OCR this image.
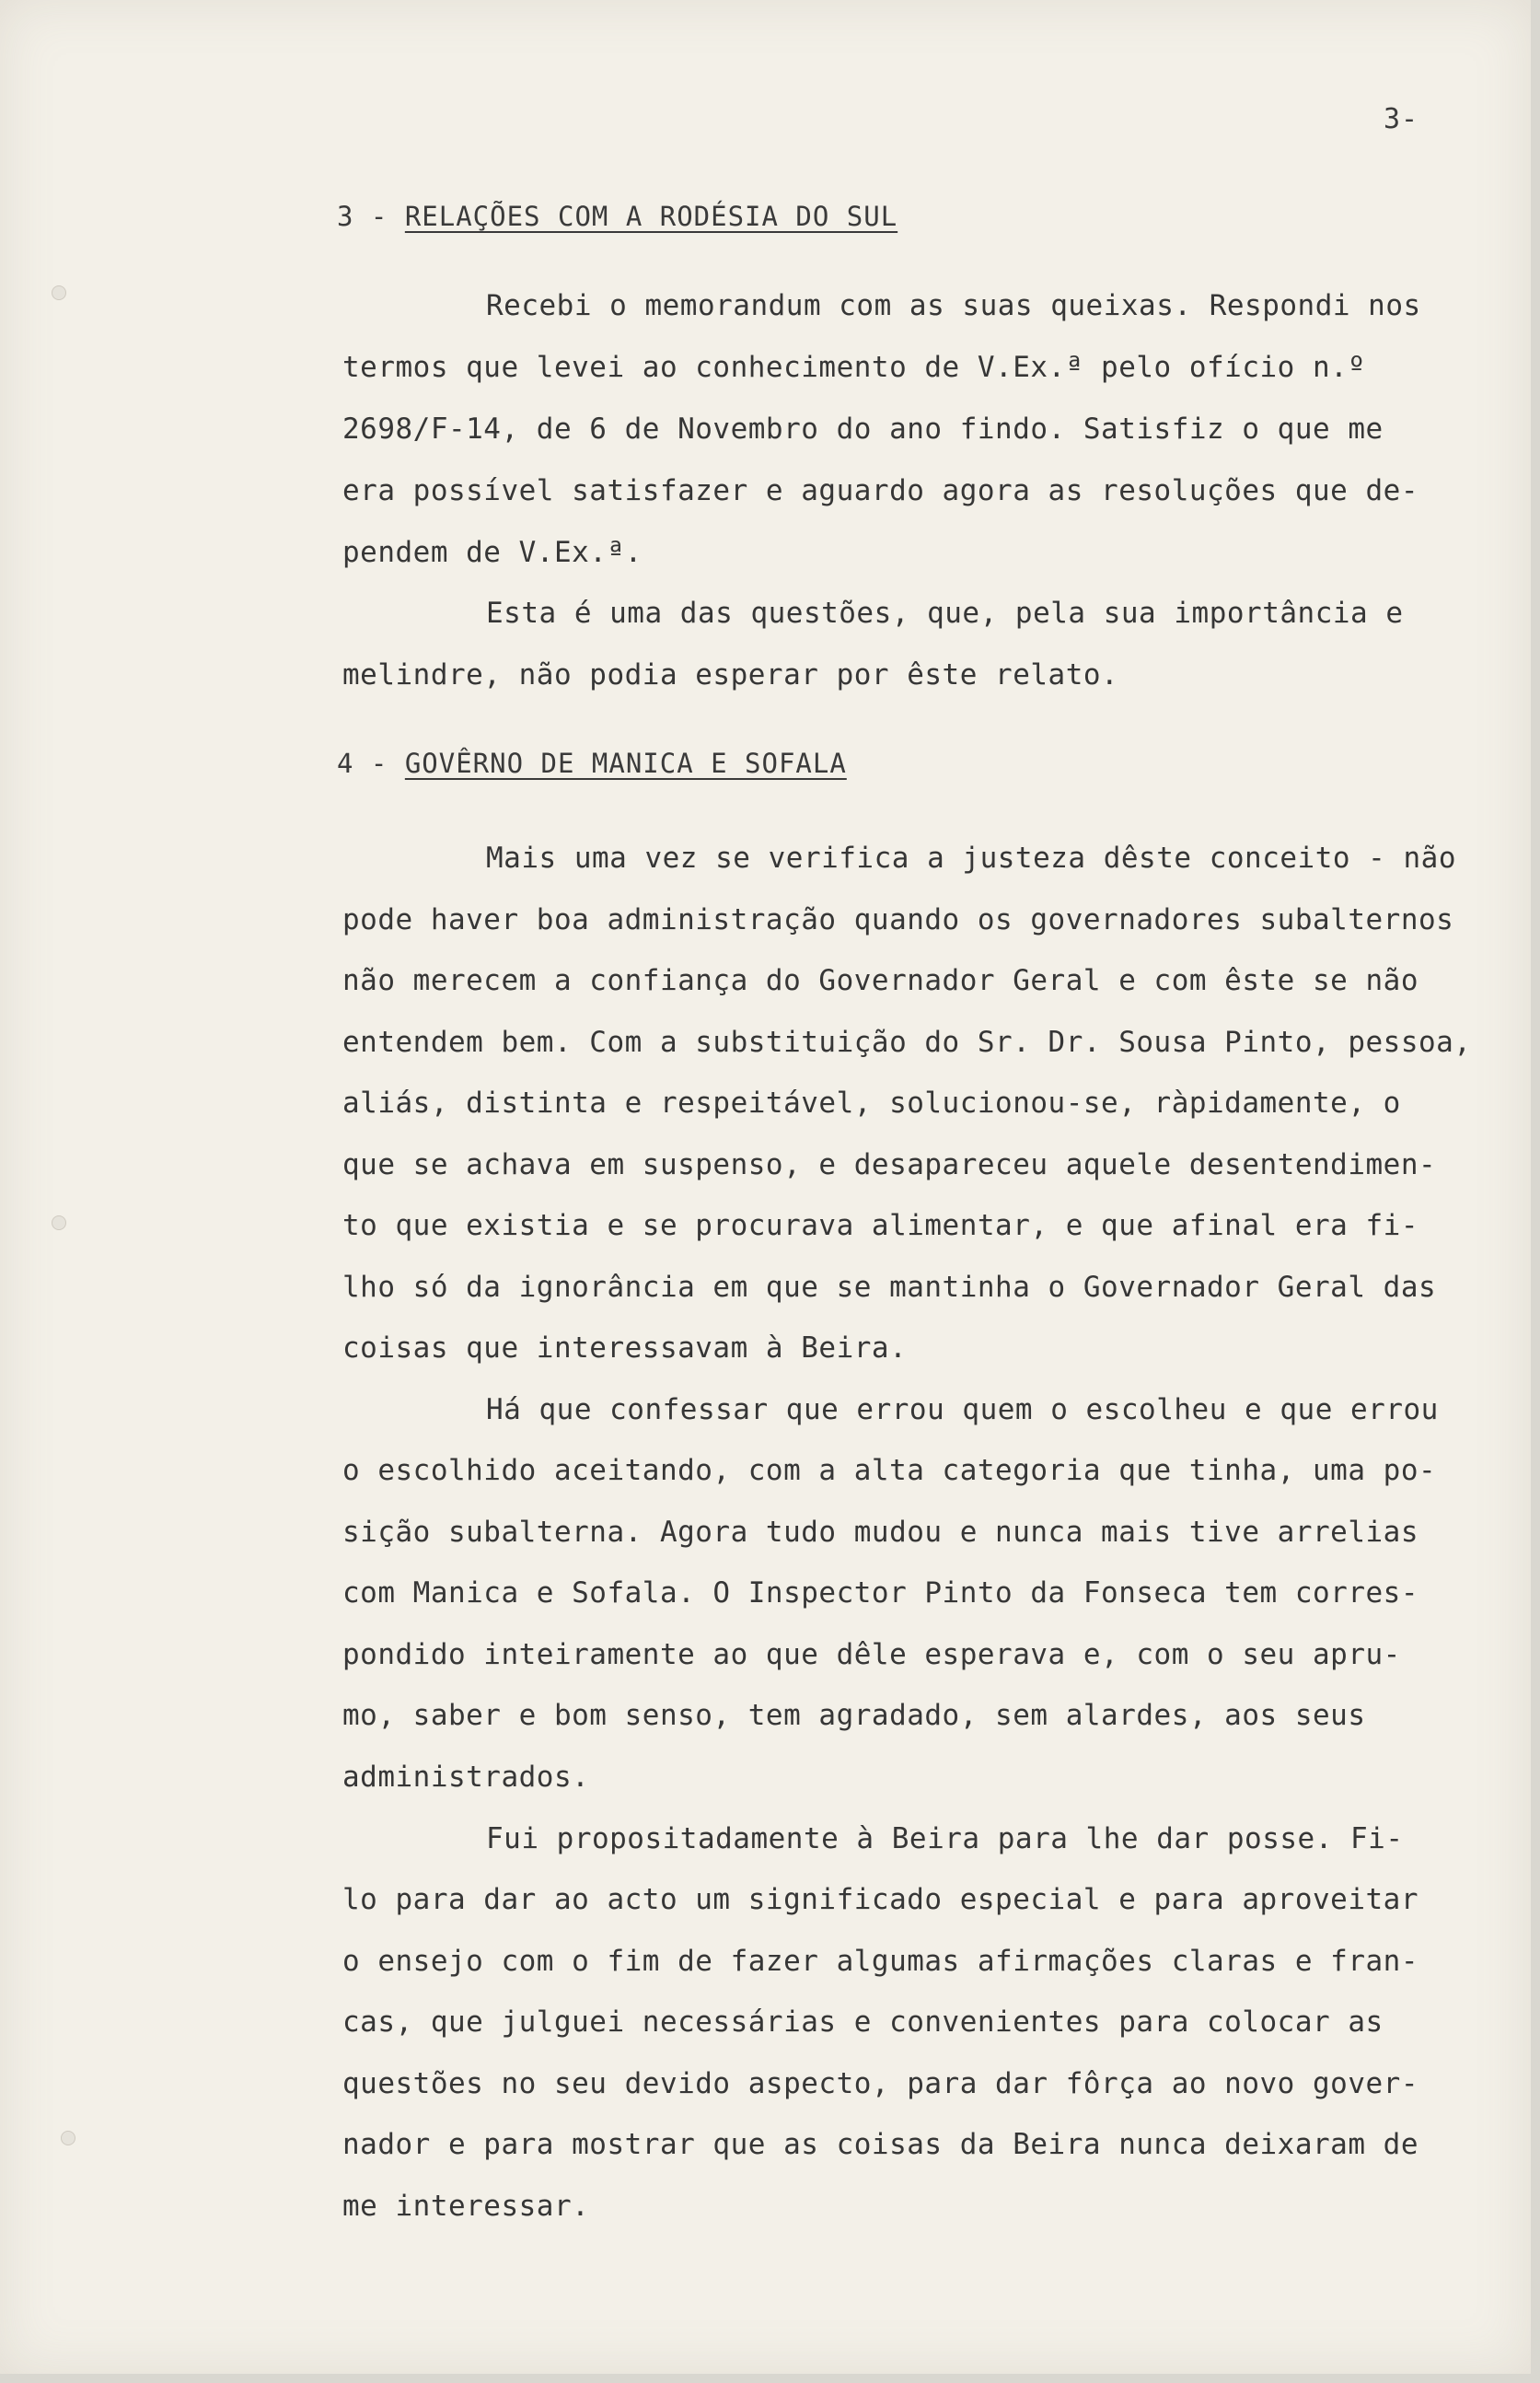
3-
3 - RELAÇÕES COM A RODÉSIA DO SUL
Recebi o memorandum com as suas queixas. Respondi nos
termos que levei ao conhecimento de V.Ex.ª pelo ofício n.º
2698/F-14, de 6 de Novembro do ano findo. Satisfiz o que me
era possível satisfazer e aguardo agora as resoluções que de-
pendem de V.Ex.ª.
Esta é uma das questões, que, pela sua importância e
melindre, não podia esperar por êste relato.
4 - GOVÊRNO DE MANICA E SOFALA
Mais uma vez se verifica a justeza dêste conceito - não
pode haver boa administração quando os governadores subalternos
não merecem a confiança do Governador Geral e com êste se não
entendem bem. Com a substituição do Sr. Dr. Sousa Pinto, pessoa,
aliás, distinta e respeitável, solucionou-se, ràpidamente, o
que se achava em suspenso, e desapareceu aquele desentendimen-
to que existia e se procurava alimentar, e que afinal era fi-
lho só da ignorância em que se mantinha o Governador Geral das
coisas que interessavam à Beira.
Há que confessar que errou quem o escolheu e que errou
o escolhido aceitando, com a alta categoria que tinha, uma po-
sição subalterna. Agora tudo mudou e nunca mais tive arrelias
com Manica e Sofala. O Inspector Pinto da Fonseca tem corres-
pondido inteiramente ao que dêle esperava e, com o seu apru-
mo, saber e bom senso, tem agradado, sem alardes, aos seus
administrados.
Fui propositadamente à Beira para lhe dar posse. Fi-
lo para dar ao acto um significado especial e para aproveitar
o ensejo com o fim de fazer algumas afirmações claras e fran-
cas, que julguei necessárias e convenientes para colocar as
questões no seu devido aspecto, para dar fôrça ao novo gover-
nador e para mostrar que as coisas da Beira nunca deixaram de
me interessar.
